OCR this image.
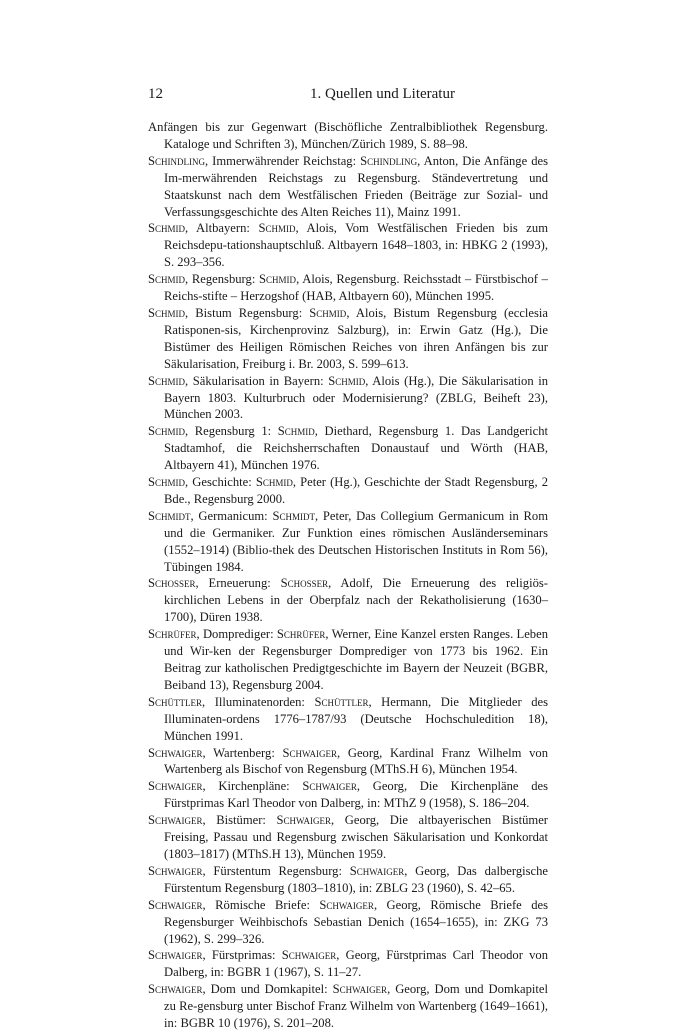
12	1. Quellen und Literatur

Anfängen bis zur Gegenwart (Bischöfliche Zentralbibliothek Regensburg. Kataloge und Schriften 3), München/Zürich 1989, S. 88–98.

Schindling, Immerwährender Reichstag: Schindling, Anton, Die Anfänge des Im-merwährenden Reichstags zu Regensburg. Ständevertretung und Staatskunst nach dem Westfälischen Frieden (Beiträge zur Sozial- und Verfassungsgeschichte des Alten Reiches 11), Mainz 1991.

Schmid, Altbayern: Schmid, Alois, Vom Westfälischen Frieden bis zum Reichsdepu-tationshauptschluß. Altbayern 1648–1803, in: HBKG 2 (1993), S. 293–356.

Schmid, Regensburg: Schmid, Alois, Regensburg. Reichsstadt – Fürstbischof – Reichs-stifte – Herzogshof (HAB, Altbayern 60), München 1995.

Schmid, Bistum Regensburg: Schmid, Alois, Bistum Regensburg (ecclesia Ratisponen-sis, Kirchenprovinz Salzburg), in: Erwin Gatz (Hg.), Die Bistümer des Heiligen Römischen Reiches von ihren Anfängen bis zur Säkularisation, Freiburg i. Br. 2003, S. 599–613.

Schmid, Säkularisation in Bayern: Schmid, Alois (Hg.), Die Säkularisation in Bayern 1803. Kulturbruch oder Modernisierung? (ZBLG, Beiheft 23), München 2003.

Schmid, Regensburg 1: Schmid, Diethard, Regensburg 1. Das Landgericht Stadtamhof, die Reichsherrschaften Donaustauf und Wörth (HAB, Altbayern 41), München 1976.

Schmid, Geschichte: Schmid, Peter (Hg.), Geschichte der Stadt Regensburg, 2 Bde., Regensburg 2000.

Schmidt, Germanicum: Schmidt, Peter, Das Collegium Germanicum in Rom und die Germaniker. Zur Funktion eines römischen Ausländerseminars (1552–1914) (Biblio-thek des Deutschen Historischen Instituts in Rom 56), Tübingen 1984.

Schosser, Erneuerung: Schosser, Adolf, Die Erneuerung des religiös-kirchlichen Lebens in der Oberpfalz nach der Rekatholisierung (1630–1700), Düren 1938.

Schrüfer, Domprediger: Schrüfer, Werner, Eine Kanzel ersten Ranges. Leben und Wir-ken der Regensburger Domprediger von 1773 bis 1962. Ein Beitrag zur katholischen Predigtgeschichte im Bayern der Neuzeit (BGBR, Beiband 13), Regensburg 2004.

Schüttler, Illuminatenorden: Schüttler, Hermann, Die Mitglieder des Illuminaten-ordens 1776–1787/93 (Deutsche Hochschuledition 18), München 1991.

Schwaiger, Wartenberg: Schwaiger, Georg, Kardinal Franz Wilhelm von Wartenberg als Bischof von Regensburg (MThS.H 6), München 1954.

Schwaiger, Kirchenpläne: Schwaiger, Georg, Die Kirchenpläne des Fürstprimas Karl Theodor von Dalberg, in: MThZ 9 (1958), S. 186–204.

Schwaiger, Bistümer: Schwaiger, Georg, Die altbayerischen Bistümer Freising, Passau und Regensburg zwischen Säkularisation und Konkordat (1803–1817) (MThS.H 13), München 1959.

Schwaiger, Fürstentum Regensburg: Schwaiger, Georg, Das dalbergische Fürstentum Regensburg (1803–1810), in: ZBLG 23 (1960), S. 42–65.

Schwaiger, Römische Briefe: Schwaiger, Georg, Römische Briefe des Regensburger Weihbischofs Sebastian Denich (1654–1655), in: ZKG 73 (1962), S. 299–326.

Schwaiger, Fürstprimas: Schwaiger, Georg, Fürstprimas Carl Theodor von Dalberg, in: BGBR 1 (1967), S. 11–27.

Schwaiger, Dom und Domkapitel: Schwaiger, Georg, Dom und Domkapitel zu Re-gensburg unter Bischof Franz Wilhelm von Wartenberg (1649–1661), in: BGBR 10 (1976), S. 201–208.
